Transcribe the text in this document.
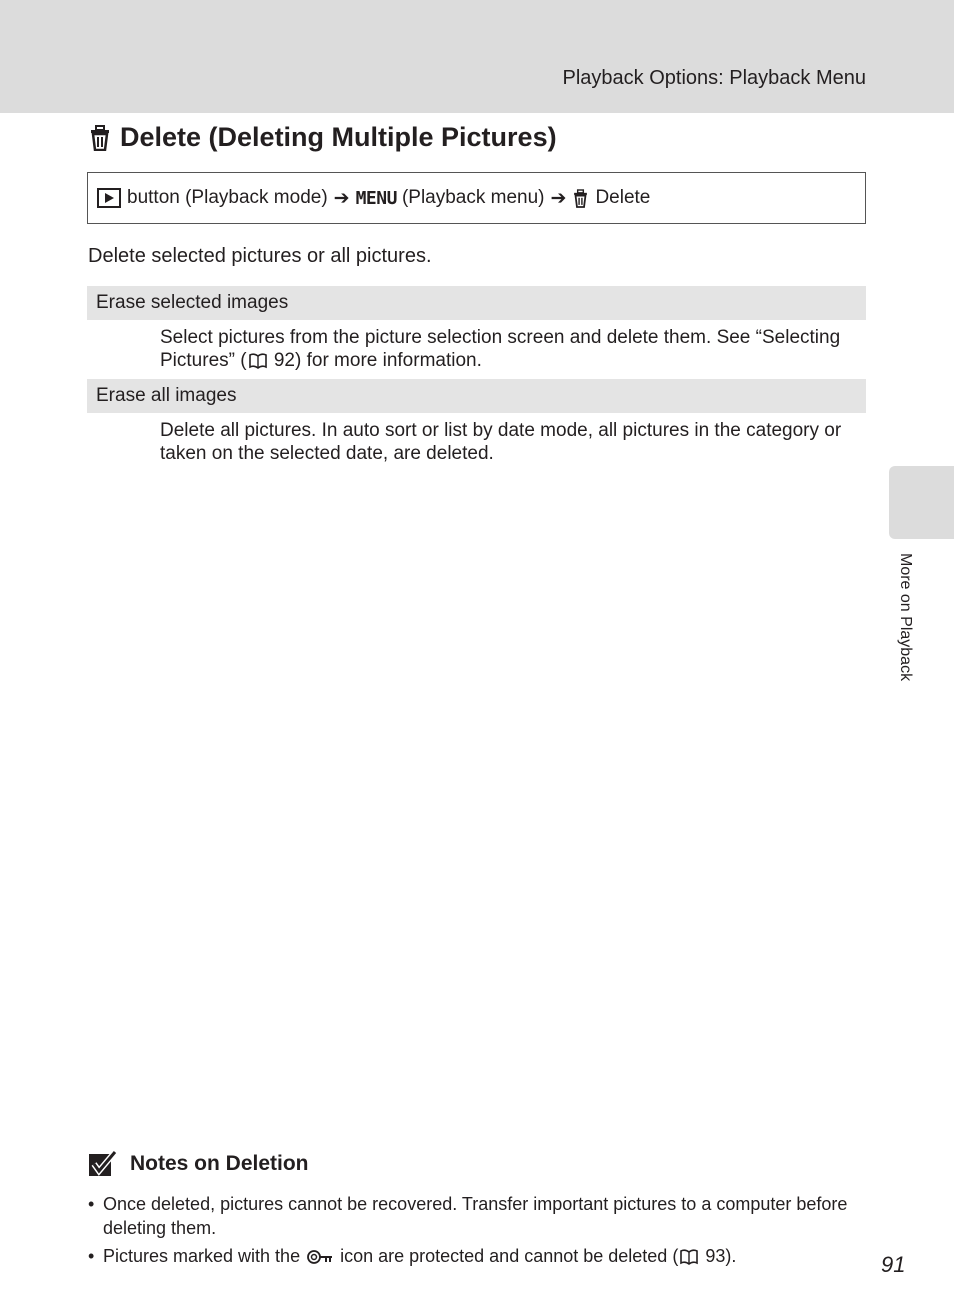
Playback Options: Playback Menu
Delete (Deleting Multiple Pictures)
button (Playback mode) ➔ MENU (Playback menu) ➔ Delete
Delete selected pictures or all pictures.
Erase selected images
Select pictures from the picture selection screen and delete them. See “Selecting Pictures” ( 92) for more information.
Erase all images
Delete all pictures. In auto sort or list by date mode, all pictures in the category or taken on the selected date, are deleted.
More on Playback
Notes on Deletion
• Once deleted, pictures cannot be recovered. Transfer important pictures to a computer before deleting them.
• Pictures marked with the  icon are protected and cannot be deleted ( 93).	91
